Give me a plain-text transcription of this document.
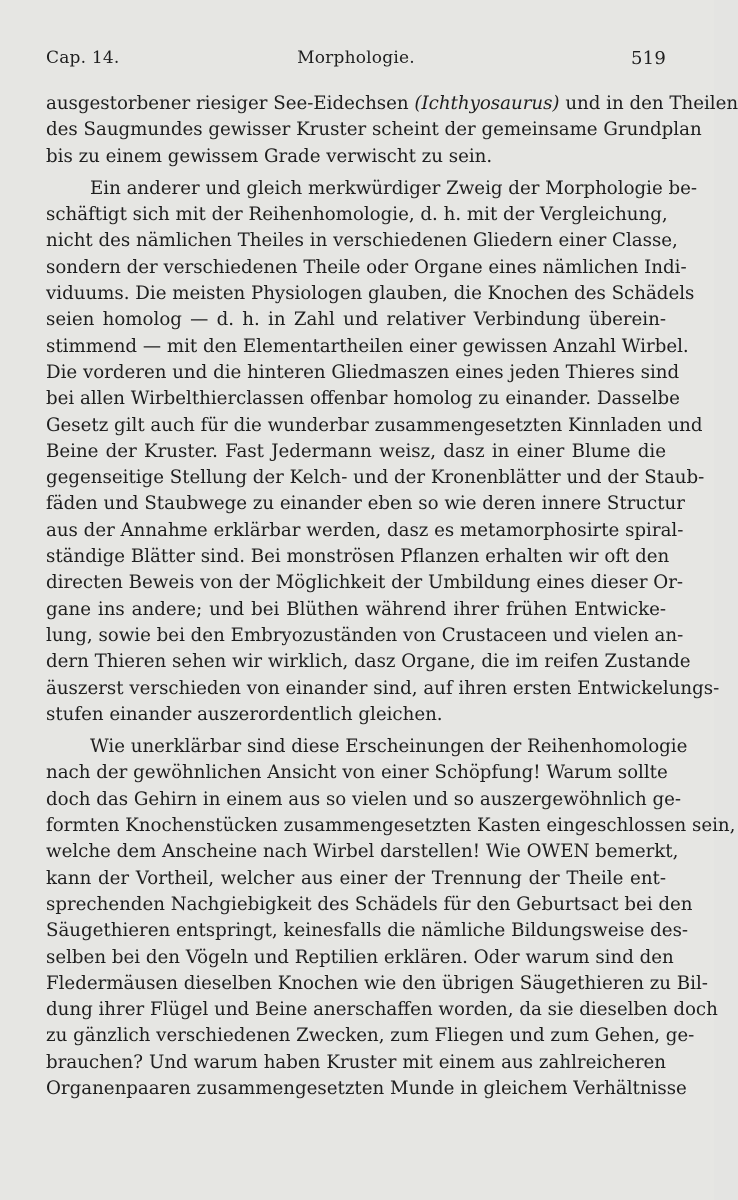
Cap. 14.	Morphologie.	519
ausgestorbener riesiger See-Eidechsen (Ichthyosaurus) und in den Theilen
des Saugmundes gewisser Kruster scheint der gemeinsame Grundplan
bis zu einem gewissem Grade verwischt zu sein.
Ein anderer und gleich merkwürdiger Zweig der Morphologie be-
schäftigt sich mit der Reihenhomologie, d. h. mit der Vergleichung,
nicht des nämlichen Theiles in verschiedenen Gliedern einer Classe,
sondern der verschiedenen Theile oder Organe eines nämlichen Indi-
viduums. Die meisten Physiologen glauben, die Knochen des Schädels
seien homolog — d. h. in Zahl und relativer Verbindung überein-
stimmend — mit den Elementartheilen einer gewissen Anzahl Wirbel.
Die vorderen und die hinteren Gliedmaszen eines jeden Thieres sind
bei allen Wirbelthierclassen offenbar homolog zu einander. Dasselbe
Gesetz gilt auch für die wunderbar zusammengesetzten Kinnladen und
Beine der Kruster. Fast Jedermann weisz, dasz in einer Blume die
gegenseitige Stellung der Kelch- und der Kronenblätter und der Staub-
fäden und Staubwege zu einander eben so wie deren innere Structur
aus der Annahme erklärbar werden, dasz es metamorphosirte spiral-
ständige Blätter sind. Bei monströsen Pflanzen erhalten wir oft den
directen Beweis von der Möglichkeit der Umbildung eines dieser Or-
gane ins andere; und bei Blüthen während ihrer frühen Entwicke-
lung, sowie bei den Embryozuständen von Crustaceen und vielen an-
dern Thieren sehen wir wirklich, dasz Organe, die im reifen Zustande
äuszerst verschieden von einander sind, auf ihren ersten Entwickelungs-
stufen einander auszerordentlich gleichen.
Wie unerklärbar sind diese Erscheinungen der Reihenhomologie
nach der gewöhnlichen Ansicht von einer Schöpfung! Warum sollte
doch das Gehirn in einem aus so vielen und so auszergewöhnlich ge-
formten Knochenstücken zusammengesetzten Kasten eingeschlossen sein,
welche dem Anscheine nach Wirbel darstellen! Wie OWEN bemerkt,
kann der Vortheil, welcher aus einer der Trennung der Theile ent-
sprechenden Nachgiebigkeit des Schädels für den Geburtsact bei den
Säugethieren entspringt, keinesfalls die nämliche Bildungsweise des-
selben bei den Vögeln und Reptilien erklären. Oder warum sind den
Fledermäusen dieselben Knochen wie den übrigen Säugethieren zu Bil-
dung ihrer Flügel und Beine anerschaffen worden, da sie dieselben doch
zu gänzlich verschiedenen Zwecken, zum Fliegen und zum Gehen, ge-
brauchen? Und warum haben Kruster mit einem aus zahlreicheren
Organenpaaren zusammengesetzten Munde in gleichem Verhältnisse
